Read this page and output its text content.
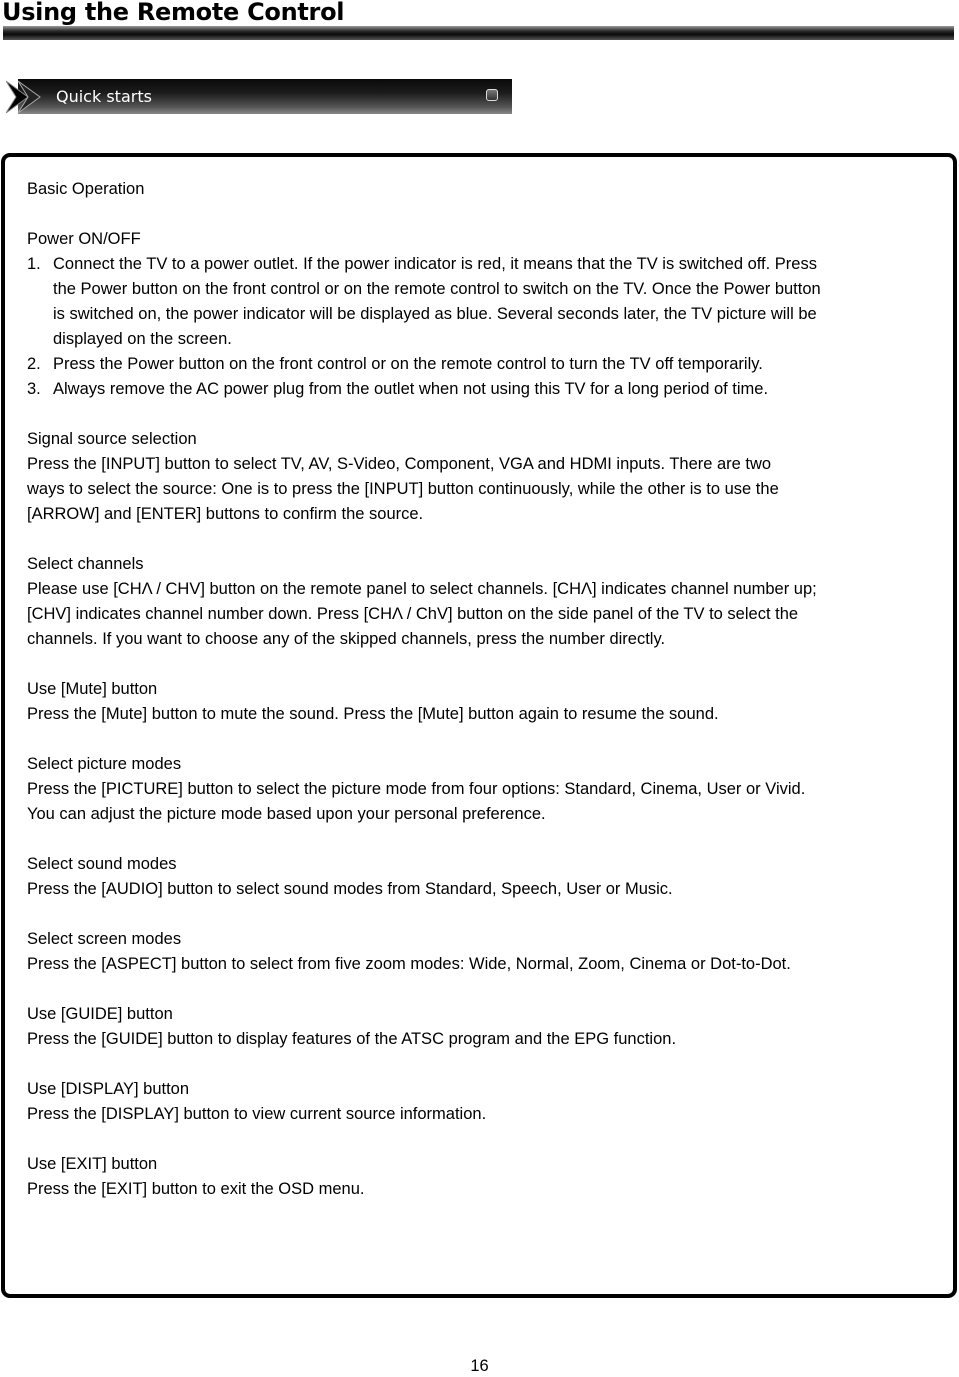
Using the Remote Control
Quick starts

Basic Operation

Power ON/OFF

1. Connect the TV to a power outlet. If the power indicator is red, it means that the TV is switched off. Press

the Power button on the front control or on the remote control to switch on the TV. Once the Power button

is switched on, the power indicator will be displayed as blue. Several seconds later, the TV picture will be

displayed on the screen.

2. Press the Power button on the front control or on the remote control to turn the TV off temporarily.

3. Always remove the AC power plug from the outlet when not using this TV for a long period of time.

Signal source selection

Press the [INPUT] button to select TV, AV, S-Video, Component, VGA and HDMI inputs. There are two

ways to select the source: One is to press the [INPUT] button continuously, while the other is to use the

[ARROW] and [ENTER] buttons to confirm the source.

Select channels

Please use [CHΛ / CHV] button on the remote panel to select channels. [CHΛ] indicates channel number up;

[CHV] indicates channel number down. Press [CHΛ / ChV] button on the side panel of the TV to select the

channels. If you want to choose any of the skipped channels, press the number directly.

Use [Mute] button

Press the [Mute] button to mute the sound. Press the [Mute] button again to resume the sound.

Select picture modes

Press the [PICTURE] button to select the picture mode from four options: Standard, Cinema, User or Vivid.

You can adjust the picture mode based upon your personal preference.

Select sound modes

Press the [AUDIO] button to select sound modes from Standard, Speech, User or Music.

Select screen modes

Press the [ASPECT] button to select from five zoom modes: Wide, Normal, Zoom, Cinema or Dot-to-Dot.

Use [GUIDE] button

Press the [GUIDE] button to display features of the ATSC program and the EPG function.

Use [DISPLAY] button

Press the [DISPLAY] button to view current source information.

Use [EXIT] button

Press the [EXIT] button to exit the OSD menu.

16
